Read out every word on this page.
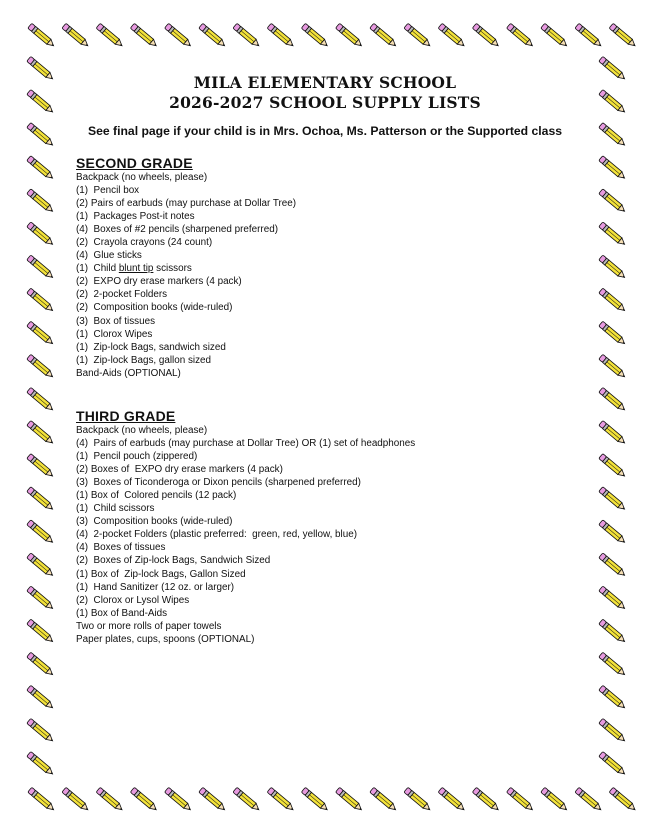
MILA ELEMENTARY SCHOOL
2026-2027 SCHOOL SUPPLY LISTS
See final page if your child is in Mrs. Ochoa, Ms. Patterson or the Supported class
SECOND GRADE
Backpack (no wheels, please)
(1)  Pencil box
(2) Pairs of earbuds (may purchase at Dollar Tree)
(1)  Packages Post-it notes
(4)  Boxes of #2 pencils (sharpened preferred)
(2)  Crayola crayons (24 count)
(4)  Glue sticks
(1)  Child blunt tip scissors
(2)  EXPO dry erase markers (4 pack)
(2)  2-pocket Folders
(2)  Composition books (wide-ruled)
(3)  Box of tissues
(1)  Clorox Wipes
(1)  Zip-lock Bags, sandwich sized
(1)  Zip-lock Bags, gallon sized
Band-Aids (OPTIONAL)
THIRD GRADE
Backpack (no wheels, please)
(4)  Pairs of earbuds (may purchase at Dollar Tree) OR (1) set of headphones
(1)  Pencil pouch (zippered)
(2) Boxes of  EXPO dry erase markers (4 pack)
(3)  Boxes of Ticonderoga or Dixon pencils (sharpened preferred)
(1) Box of  Colored pencils (12 pack)
(1)  Child scissors
(3)  Composition books (wide-ruled)
(4)  2-pocket Folders (plastic preferred:  green, red, yellow, blue)
(4)  Boxes of tissues
(2)  Boxes of Zip-lock Bags, Sandwich Sized
(1) Box of  Zip-lock Bags, Gallon Sized
(1)  Hand Sanitizer (12 oz. or larger)
(2)  Clorox or Lysol Wipes
(1) Box of Band-Aids
Two or more rolls of paper towels
Paper plates, cups, spoons (OPTIONAL)
